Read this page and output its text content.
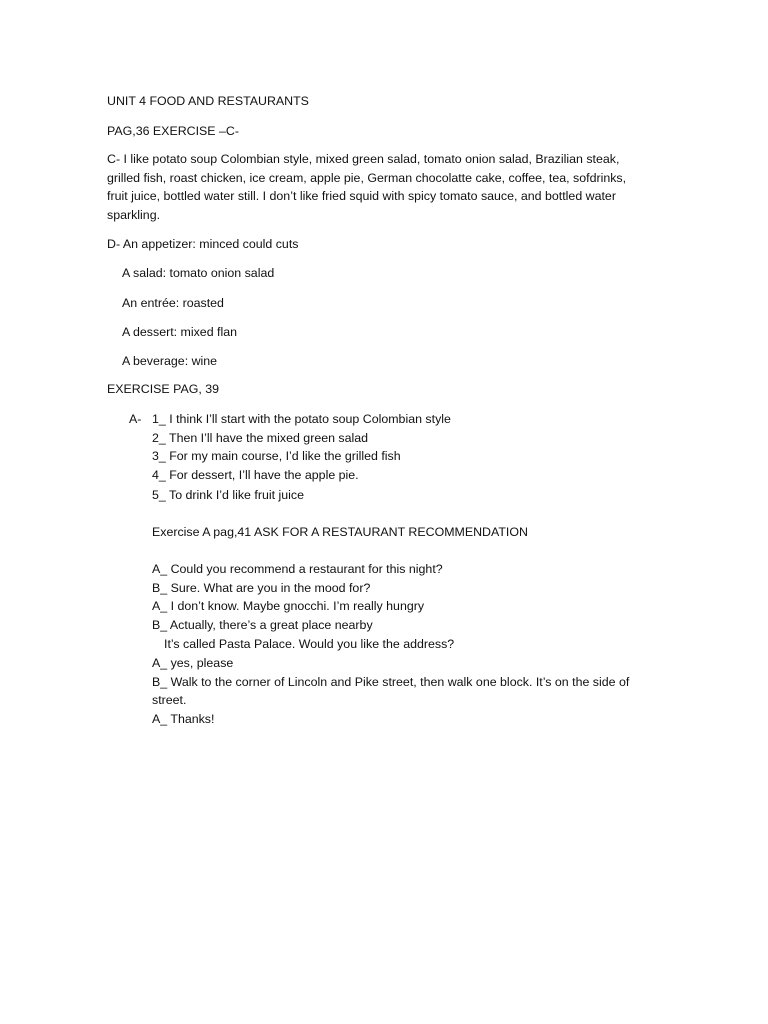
UNIT 4 FOOD AND RESTAURANTS
PAG,36 EXERCISE –C-
C- I like potato soup Colombian style, mixed green salad, tomato onion salad, Brazilian steak, grilled fish, roast chicken, ice cream, apple pie, German chocolatte cake, coffee, tea, sofdrinks, fruit juice, bottled water still. I don’t like fried squid with spicy tomato sauce, and bottled water sparkling.
D- An appetizer: minced could cuts
A salad: tomato onion salad
An entrée: roasted
A dessert: mixed flan
A beverage: wine
EXERCISE PAG, 39
A- 1_ I think I’ll start with the potato soup Colombian style
2_ Then I’ll have the mixed green salad
3_ For my main course, I’d like the grilled fish
4_ For dessert, I’ll have the apple pie.
5_ To drink I’d like fruit juice
Exercise A pag,41 ASK FOR A RESTAURANT RECOMMENDATION
A_ Could you recommend a restaurant for this night?
B_ Sure. What are you in the mood for?
A_ I don’t know. Maybe gnocchi. I’m really hungry
B_ Actually, there’s a great place nearby
It’s called Pasta Palace. Would you like the address?
A_ yes, please
B_ Walk to the corner of Lincoln and Pike street, then walk one block. It’s on the side of
street.
A_ Thanks!
